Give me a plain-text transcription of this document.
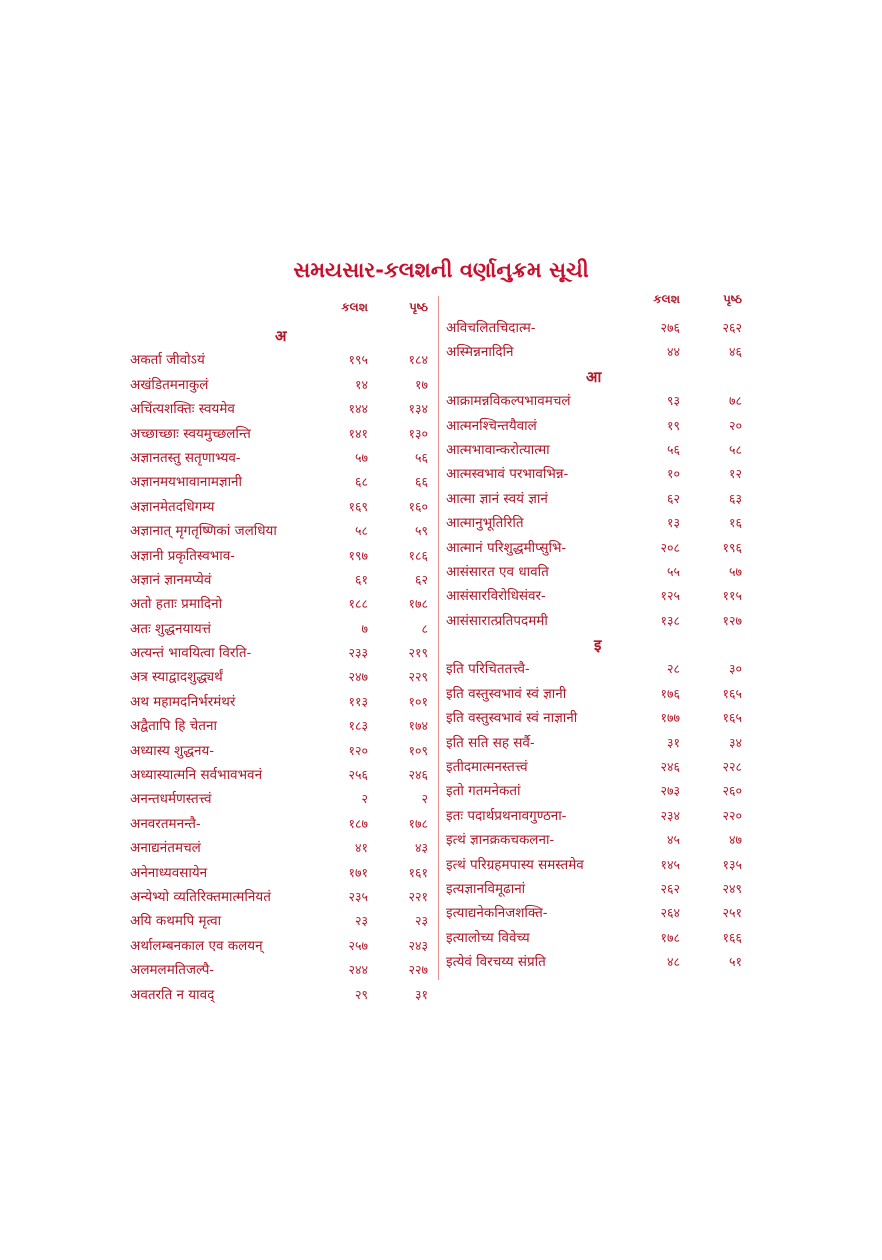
સમયસાર-કલશની વર્ણાનુક્રમ સૂચી
કલશ	પૃષ્ઠ
अ
अकर्ता जीवोऽयं	१९५	१८४
अखंडितमनाकुलं	१४	१७
अचिंत्यशक्तिः स्वयमेव	१४४	१३४
अच्छाच्छाः स्वयमुच्छलन्ति	१४१	१३०
अज्ञानतस्तु सतृणाभ्यव-	५७	५६
अज्ञानमयभावानामज्ञानी	६८	६६
अज्ञानमेतदधिगम्य	१६९	१६०
अज्ञानात् मृगतृष्णिकां जलधिया	५८	५९
अज्ञानी प्रकृतिस्वभाव-	१९७	१८६
अज्ञानं ज्ञानमप्येवं	६१	६२
अतो हताः प्रमादिनो	१८८	१७८
अतः शुद्धनयायत्तं	७	८
अत्यन्तं भावयित्वा विरति-	२३३	२१९
अत्र स्याद्वादशुद्ध्यर्थं	२४७	२२९
अथ महामदनिर्भरमंथरं	११३	१०१
अद्वैतापि हि चेतना	१८३	१७४
अध्यास्य शुद्धनय-	१२०	१०९
अध्यास्यात्मनि सर्वभावभवनं	२५६	२४६
अनन्तधर्मणस्तत्त्वं	२	२
अनवरतमनन्तै-	१८७	१७८
अनाद्यनंतमचलं	४१	४३
अनेनाध्यवसायेन	१७१	१६१
अन्येभ्यो व्यतिरिक्तमात्मनियतं	२३५	२२१
अयि कथमपि मृत्वा	२३	२३
अर्थालम्बनकाल एव कलयन्	२५७	२४३
अलमलमतिजल्पै-	२४४	२२७
अवतरति न यावद्	२९	३१
કલશ	પૃષ્ઠ
अविचलितचिदात्म-	२७६	२६२
अस्मिन्ननादिनि	४४	४६
आ
आक्रामन्नविकल्पभावमचलं	९३	७८
आत्मनश्चिन्तयैवालं	१९	२०
आत्मभावान्करोत्यात्मा	५६	५८
आत्मस्वभावं परभावभिन्न-	१०	१२
आत्मा ज्ञानं स्वयं ज्ञानं	६२	६३
आत्मानुभूतिरिति	१३	१६
आत्मानं परिशुद्धमीप्सुभि-	२०८	१९६
आसंसारत एव धावति	५५	५७
आसंसारविरोधिसंवर-	१२५	११५
आसंसारात्प्रतिपदममी	१३८	१२७
इ
इति परिचिततत्त्वै-	२८	३०
इति वस्तुस्वभावं स्वं ज्ञानी	१७६	१६५
इति वस्तुस्वभावं स्वं नाज्ञानी	१७७	१६५
इति सति सह सर्वै-	३१	३४
इतीदमात्मनस्तत्त्वं	२४६	२२८
इतो गतमनेकतां	२७३	२६०
इतः पदार्थप्रथनावगुण्ठना-	२३४	२२०
इत्थं ज्ञानक्रकचकलना-	४५	४७
इत्थं परिग्रहमपास्य समस्तमेव	१४५	१३५
इत्यज्ञानविमूढानां	२६२	२४९
इत्याद्यनेकनिजशक्ति-	२६४	२५१
इत्यालोच्य विवेच्य	१७८	१६६
इत्येवं विरचय्य संप्रति	४८	५१
